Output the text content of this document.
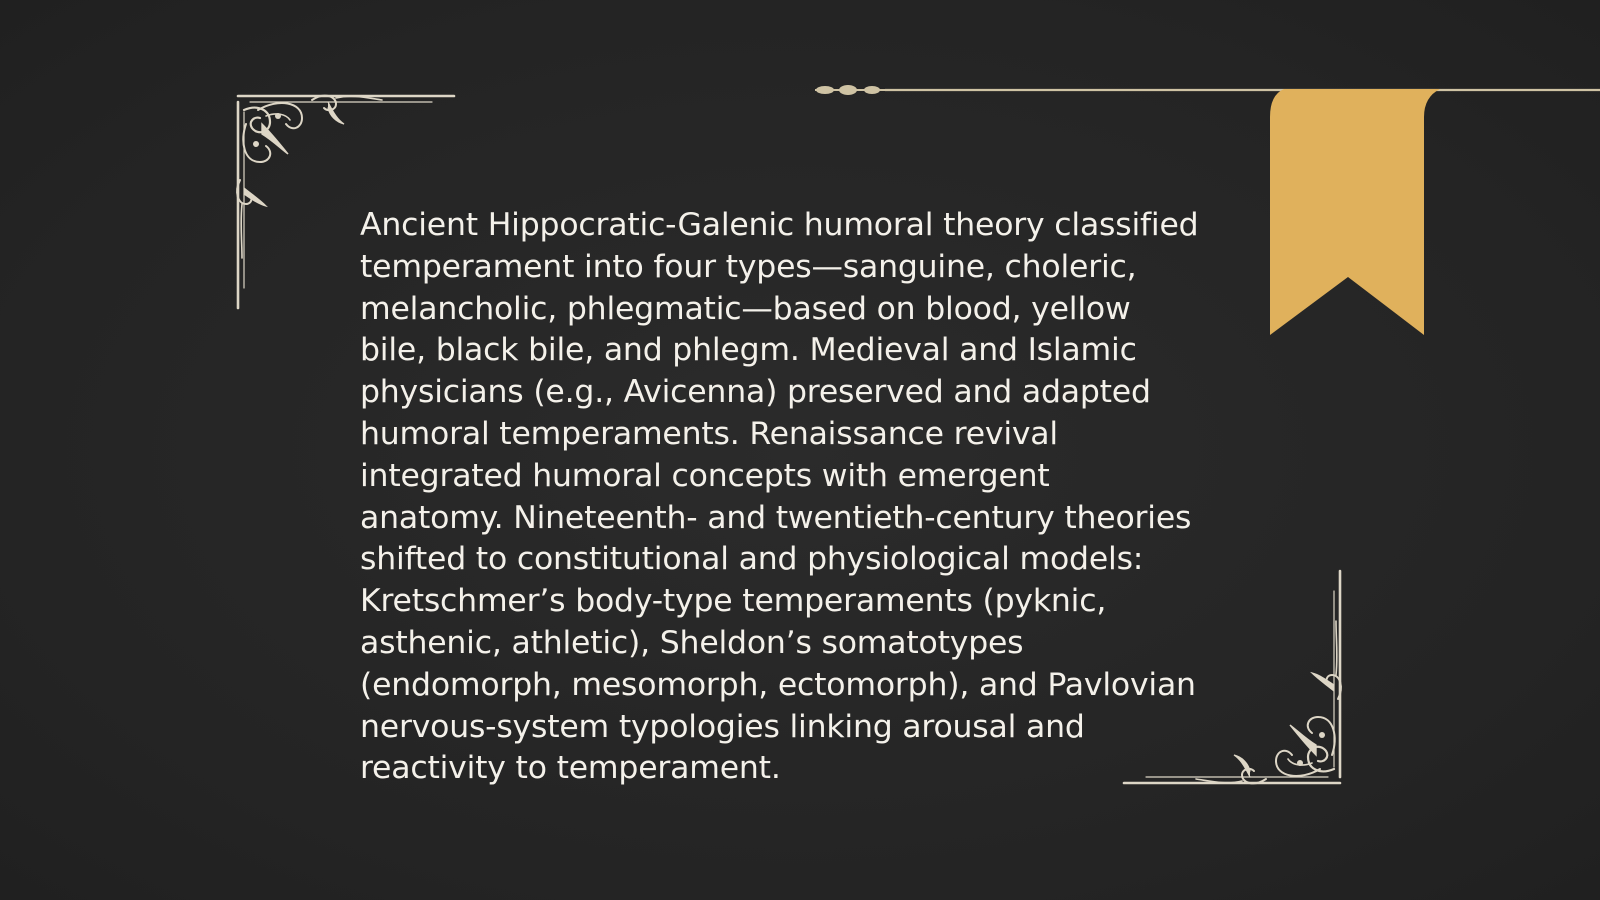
Ancient Hippocratic-Galenic humoral theory classified
temperament into four types—sanguine, choleric,
melancholic, phlegmatic—based on blood, yellow
bile, black bile, and phlegm. Medieval and Islamic
physicians (e.g., Avicenna) preserved and adapted
humoral temperaments. Renaissance revival
integrated humoral concepts with emergent
anatomy. Nineteenth- and twentieth-century theories
shifted to constitutional and physiological models:
Kretschmer’s body-type temperaments (pyknic,
asthenic, athletic), Sheldon’s somatotypes
(endomorph, mesomorph, ectomorph), and Pavlovian
nervous-system typologies linking arousal and
reactivity to temperament.
